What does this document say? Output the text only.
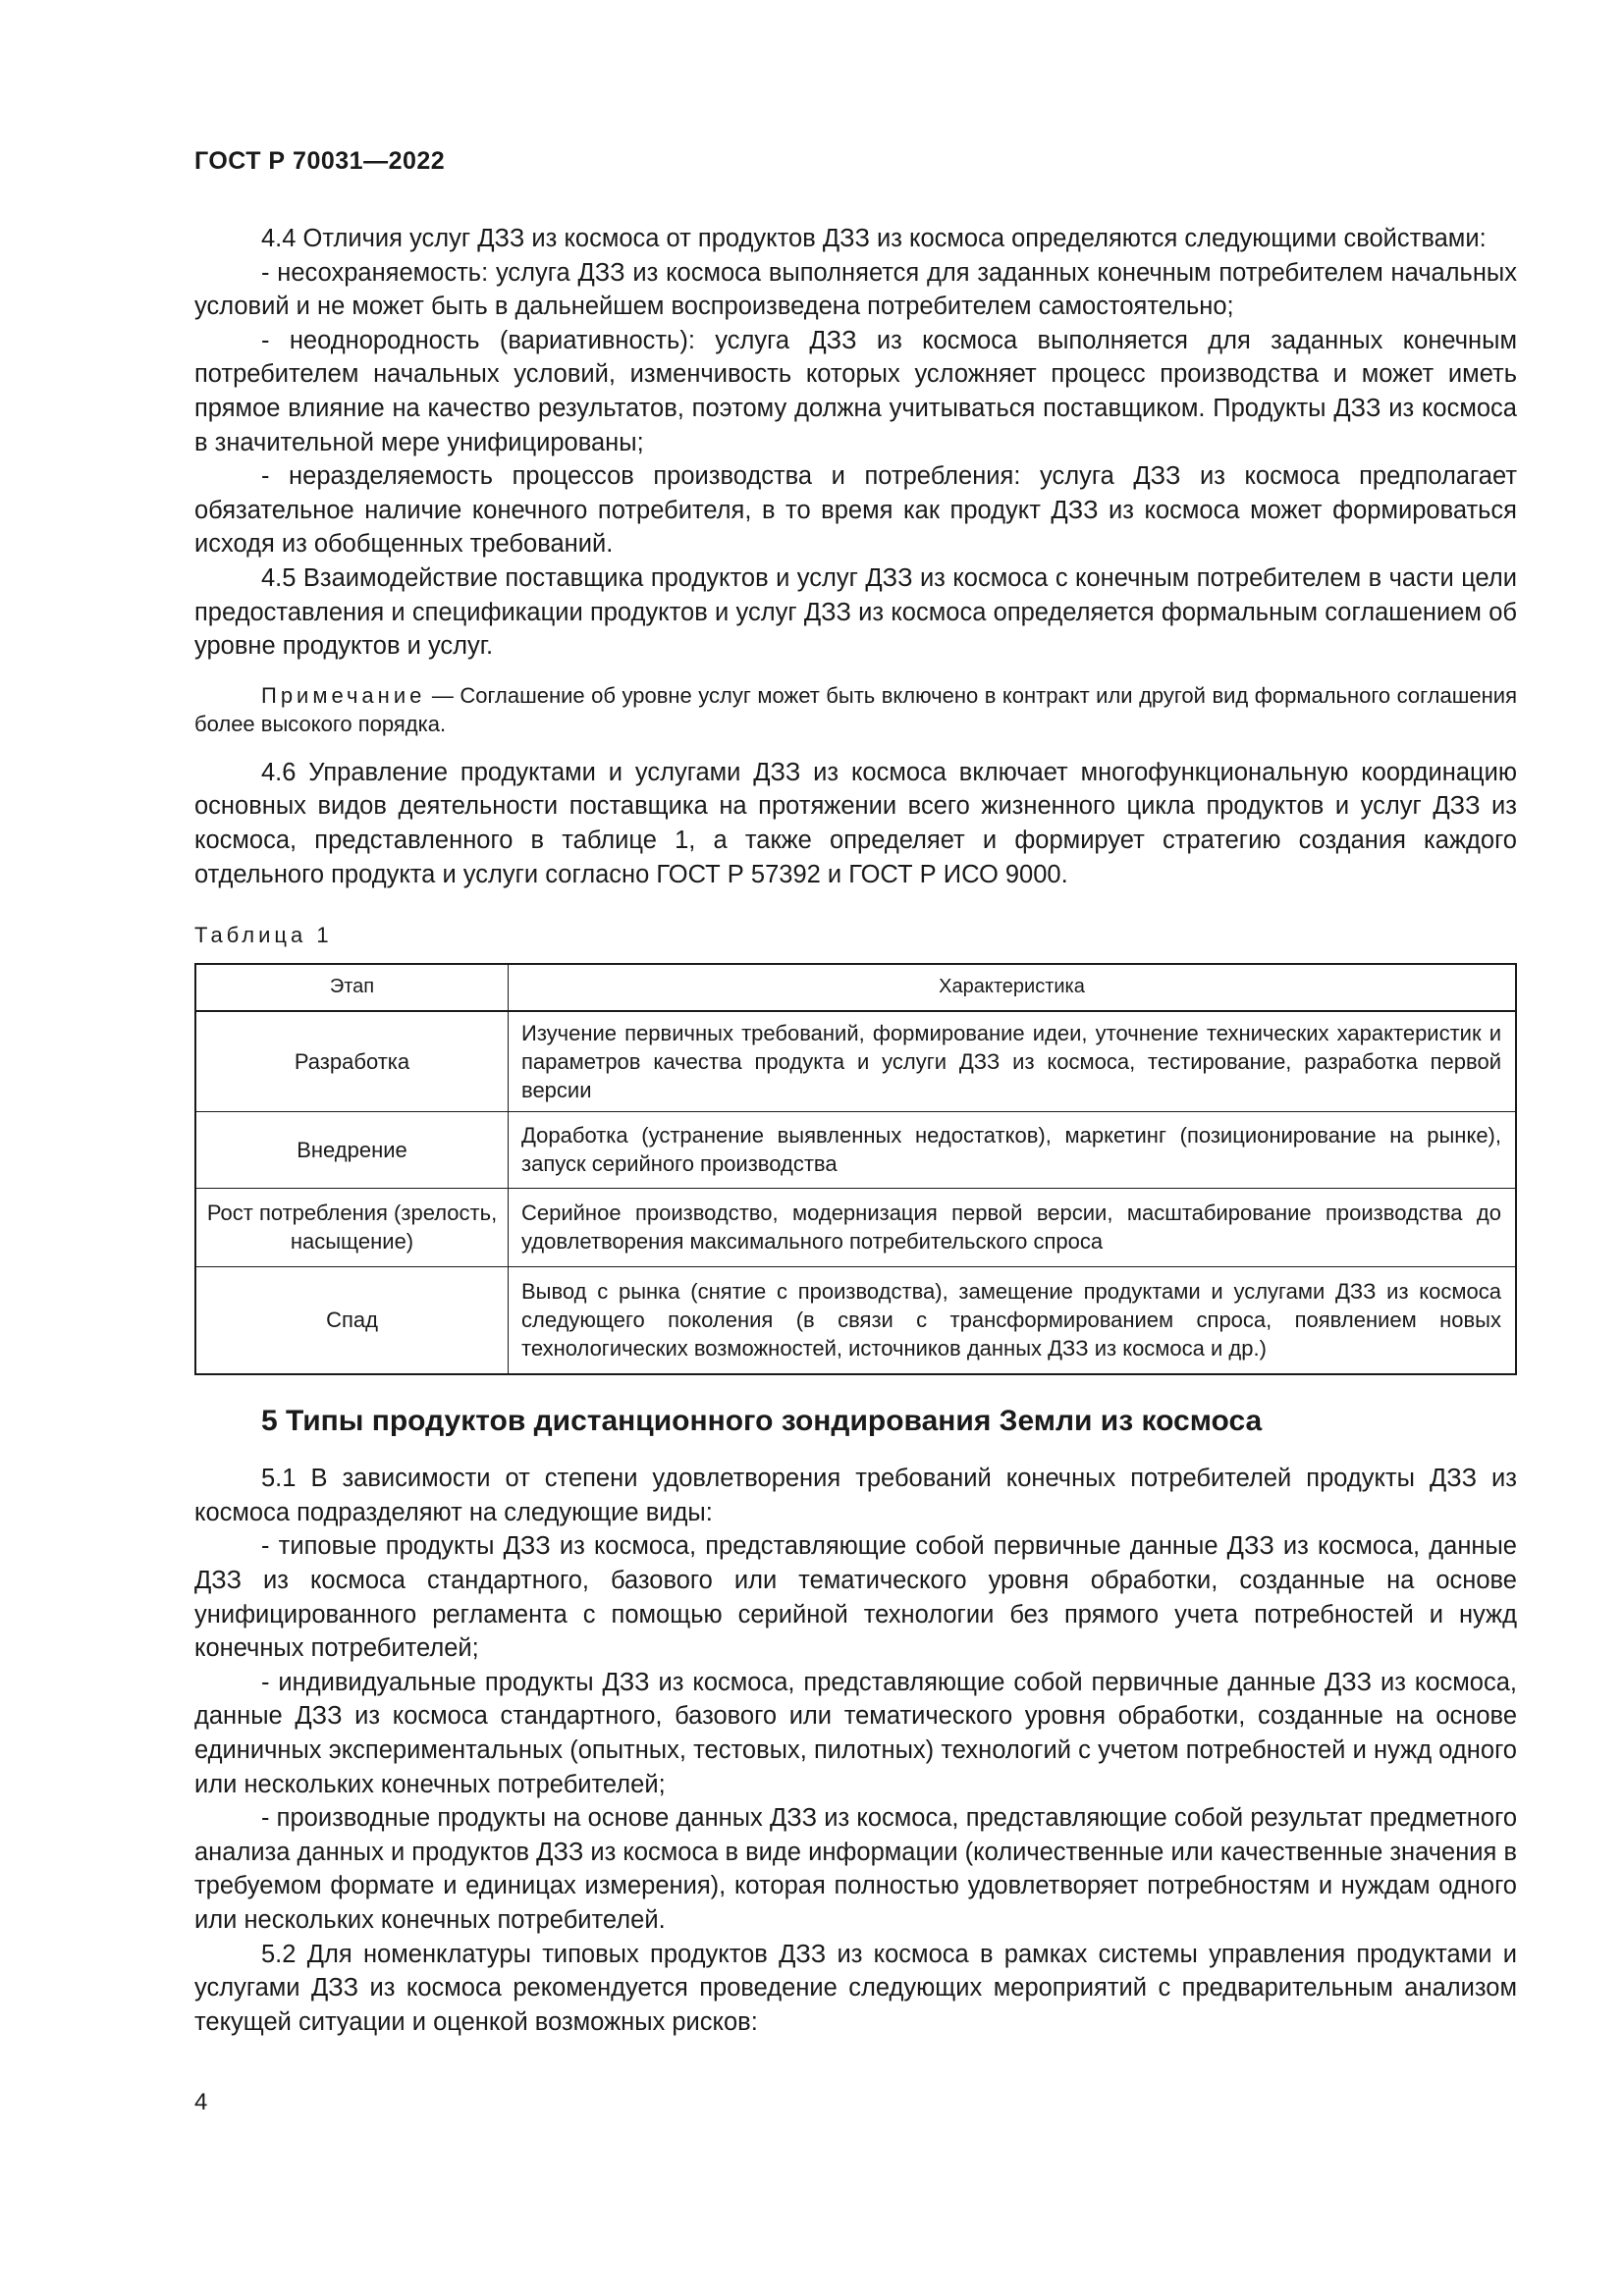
ГОСТ Р 70031—2022

4.4 Отличия услуг ДЗЗ из космоса от продуктов ДЗЗ из космоса определяются следующими свойствами:

- несохраняемость: услуга ДЗЗ из космоса выполняется для заданных конечным потребителем начальных условий и не может быть в дальнейшем воспроизведена потребителем самостоятельно;

- неоднородность (вариативность): услуга ДЗЗ из космоса выполняется для заданных конечным потребителем начальных условий, изменчивость которых усложняет процесс производства и может иметь прямое влияние на качество результатов, поэтому должна учитываться поставщиком. Продукты ДЗЗ из космоса в значительной мере унифицированы;

- неразделяемость процессов производства и потребления: услуга ДЗЗ из космоса предполагает обязательное наличие конечного потребителя, в то время как продукт ДЗЗ из космоса может формироваться исходя из обобщенных требований.

4.5 Взаимодействие поставщика продуктов и услуг ДЗЗ из космоса с конечным потребителем в части цели предоставления и спецификации продуктов и услуг ДЗЗ из космоса определяется формальным соглашением об уровне продуктов и услуг.

Примечание — Соглашение об уровне услуг может быть включено в контракт или другой вид формального соглашения более высокого порядка.

4.6 Управление продуктами и услугами ДЗЗ из космоса включает многофункциональную координацию основных видов деятельности поставщика на протяжении всего жизненного цикла продуктов и услуг ДЗЗ из космоса, представленного в таблице 1, а также определяет и формирует стратегию создания каждого отдельного продукта и услуги согласно ГОСТ Р 57392 и ГОСТ Р ИСО 9000.

Таблица 1
Этап	Характеристика
Разработка	Изучение первичных требований, формирование идеи, уточнение технических характеристик и параметров качества продукта и услуги ДЗЗ из космоса, тестирование, разработка первой версии
Внедрение	Доработка (устранение выявленных недостатков), маркетинг (позиционирование на рынке), запуск серийного производства
Рост потребления (зрелость, насыщение)	Серийное производство, модернизация первой версии, масштабирование производства до удовлетворения максимального потребительского спроса
Спад	Вывод с рынка (снятие с производства), замещение продуктами и услугами ДЗЗ из космоса следующего поколения (в связи с трансформированием спроса, появлением новых технологических возможностей, источников данных ДЗЗ из космоса и др.)
5 Типы продуктов дистанционного зондирования Земли из космоса

5.1 В зависимости от степени удовлетворения требований конечных потребителей продукты ДЗЗ из космоса подразделяют на следующие виды:

- типовые продукты ДЗЗ из космоса, представляющие собой первичные данные ДЗЗ из космоса, данные ДЗЗ из космоса стандартного, базового или тематического уровня обработки, созданные на основе унифицированного регламента с помощью серийной технологии без прямого учета потребностей и нужд конечных потребителей;

- индивидуальные продукты ДЗЗ из космоса, представляющие собой первичные данные ДЗЗ из космоса, данные ДЗЗ из космоса стандартного, базового или тематического уровня обработки, созданные на основе единичных экспериментальных (опытных, тестовых, пилотных) технологий с учетом потребностей и нужд одного или нескольких конечных потребителей;

- производные продукты на основе данных ДЗЗ из космоса, представляющие собой результат предметного анализа данных и продуктов ДЗЗ из космоса в виде информации (количественные или качественные значения в требуемом формате и единицах измерения), которая полностью удовлетворяет потребностям и нуждам одного или нескольких конечных потребителей.

5.2 Для номенклатуры типовых продуктов ДЗЗ из космоса в рамках системы управления продуктами и услугами ДЗЗ из космоса рекомендуется проведение следующих мероприятий с предварительным анализом текущей ситуации и оценкой возможных рисков:

4
